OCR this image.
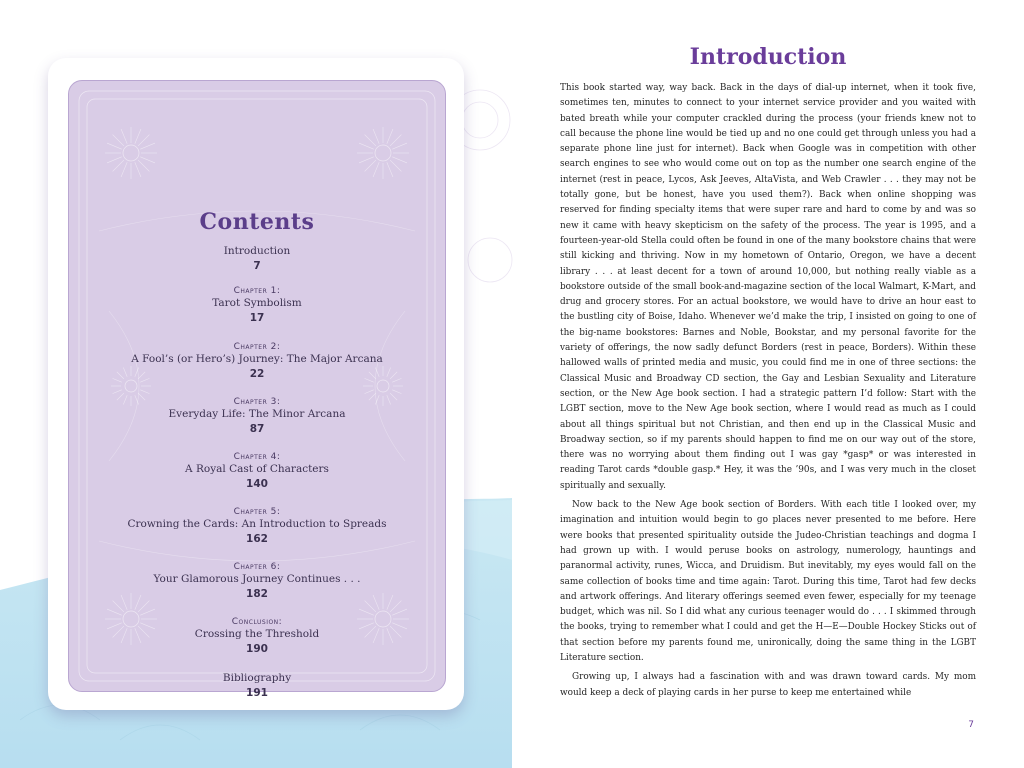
Contents
Introduction
7
Chapter 1:
Tarot Symbolism
17
Chapter 2:
A Fool’s (or Hero’s) Journey: The Major Arcana
22
Chapter 3:
Everyday Life: The Minor Arcana
87
Chapter 4:
A Royal Cast of Characters
140
Chapter 5:
Crowning the Cards: An Introduction to Spreads
162
Chapter 6:
Your Glamorous Journey Continues . . .
182
Conclusion:
Crossing the Threshold
190
Bibliography
191
Introduction

This book started way, way back. Back in the days of dial-up internet, when it took five, sometimes ten, minutes to connect to your internet service provider and you waited with bated breath while your computer crackled during the process (your friends knew not to call because the phone line would be tied up and no one could get through unless you had a separate phone line just for internet). Back when Google was in competition with other search engines to see who would come out on top as the number one search engine of the internet (rest in peace, Lycos, Ask Jeeves, AltaVista, and Web Crawler . . . they may not be totally gone, but be honest, have you used them?). Back when online shopping was reserved for finding specialty items that were super rare and hard to come by and was so new it came with heavy skepticism on the safety of the process. The year is 1995, and a fourteen-year-old Stella could often be found in one of the many bookstore chains that were still kicking and thriving. Now in my hometown of Ontario, Oregon, we have a decent library . . . at least decent for a town of around 10,000, but nothing really viable as a bookstore outside of the small book-and-magazine section of the local Walmart, K-Mart, and drug and grocery stores. For an actual bookstore, we would have to drive an hour east to the bustling city of Boise, Idaho. Whenever we’d make the trip, I insisted on going to one of the big-name bookstores: Barnes and Noble, Bookstar, and my personal favorite for the variety of offerings, the now sadly defunct Borders (rest in peace, Borders). Within these hallowed walls of printed media and music, you could find me in one of three sections: the Classical Music and Broadway CD section, the Gay and Lesbian Sexuality and Literature section, or the New Age book section. I had a strategic pattern I’d follow: Start with the LGBT section, move to the New Age book section, where I would read as much as I could about all things spiritual but not Christian, and then end up in the Classical Music and Broadway section, so if my parents should happen to find me on our way out of the store, there was no worrying about them finding out I was gay *gasp* or was interested in reading Tarot cards *double gasp.* Hey, it was the ’90s, and I was very much in the closet spiritually and sexually.

Now back to the New Age book section of Borders. With each title I looked over, my imagination and intuition would begin to go places never presented to me before. Here were books that presented spirituality outside the Judeo-Christian teachings and dogma I had grown up with. I would peruse books on astrology, numerology, hauntings and paranormal activity, runes, Wicca, and Druidism. But inevitably, my eyes would fall on the same collection of books time and time again: Tarot. During this time, Tarot had few decks and artwork offerings. And literary offerings seemed even fewer, especially for my teenage budget, which was nil. So I did what any curious teenager would do . . . I skimmed through the books, trying to remember what I could and get the H—E—Double Hockey Sticks out of that section before my parents found me, unironically, doing the same thing in the LGBT Literature section.

Growing up, I always had a fascination with and was drawn toward cards. My mom would keep a deck of playing cards in her purse to keep me entertained while

7
